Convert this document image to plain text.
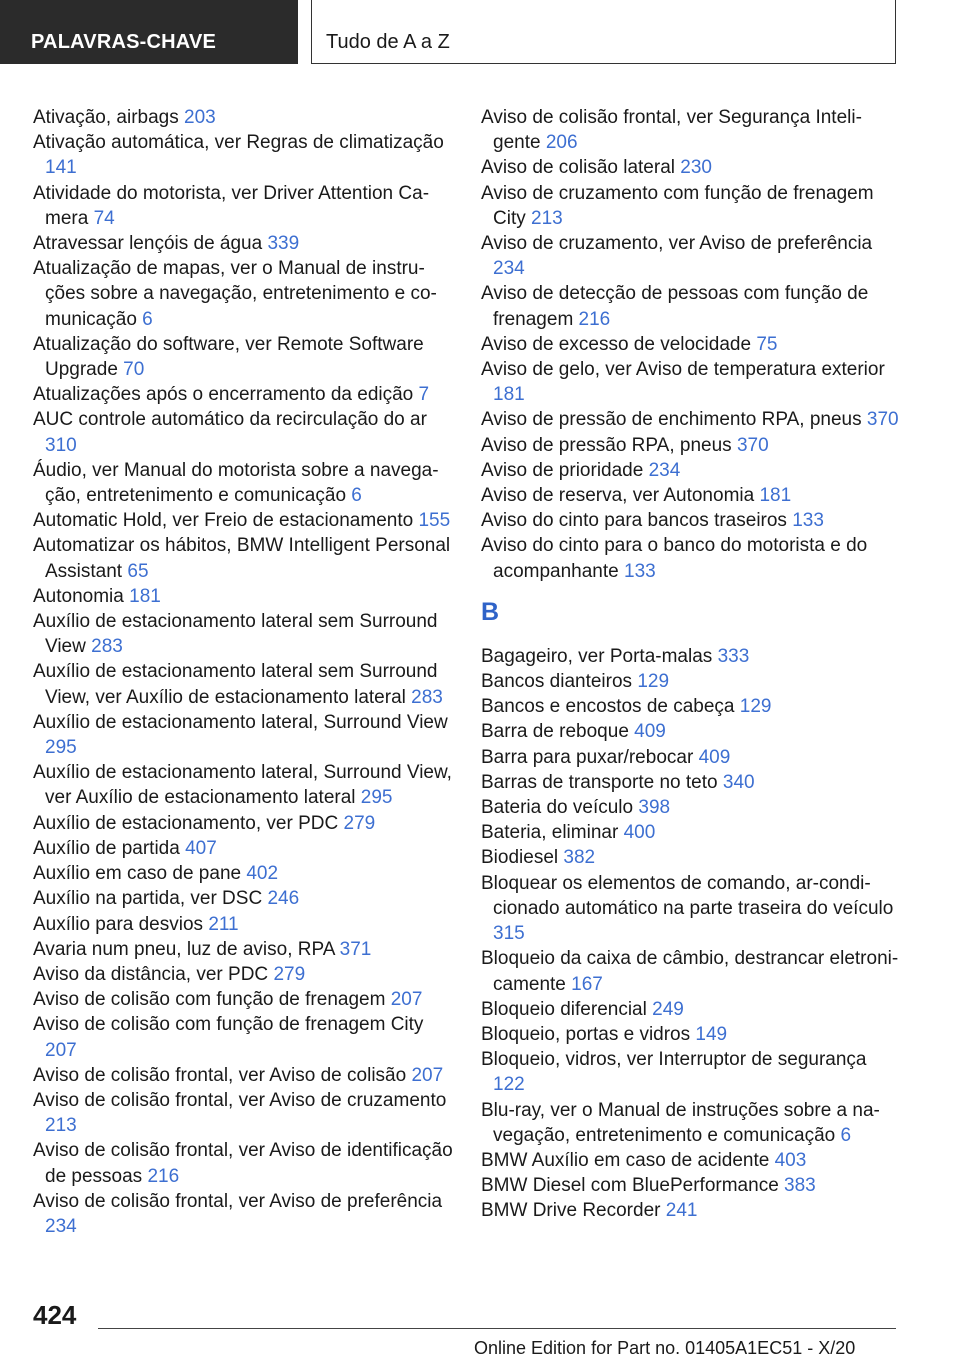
PALAVRAS-CHAVE	Tudo de A a Z

Ativação, airbags 203

Ativação automática, ver Regras de climatização 141

Atividade do motorista, ver Driver Attention Camera 74

Atravessar lençóis de água 339

Atualização de mapas, ver o Manual de instruções sobre a navegação, entretenimento e comunicação 6

Atualização do software, ver Remote Software Upgrade 70

Atualizações após o encerramento da edição 7

AUC controle automático da recirculação do ar 310

Áudio, ver Manual do motorista sobre a navegação, entretenimento e comunicação 6

Automatic Hold, ver Freio de estacionamento 155

Automatizar os hábitos, BMW Intelligent Personal Assistant 65

Autonomia 181

Auxílio de estacionamento lateral sem Surround View 283

Auxílio de estacionamento lateral sem Surround View, ver Auxílio de estacionamento lateral 283

Auxílio de estacionamento lateral, Surround View 295

Auxílio de estacionamento lateral, Surround View, ver Auxílio de estacionamento lateral 295

Auxílio de estacionamento, ver PDC 279

Auxílio de partida 407

Auxílio em caso de pane 402

Auxílio na partida, ver DSC 246

Auxílio para desvios 211

Avaria num pneu, luz de aviso, RPA 371

Aviso da distância, ver PDC 279

Aviso de colisão com função de frenagem 207

Aviso de colisão com função de frenagem City 207

Aviso de colisão frontal, ver Aviso de colisão 207

Aviso de colisão frontal, ver Aviso de cruzamento 213

Aviso de colisão frontal, ver Aviso de identificação de pessoas 216

Aviso de colisão frontal, ver Aviso de preferência 234

Aviso de colisão frontal, ver Segurança Inteligente 206

Aviso de colisão lateral 230

Aviso de cruzamento com função de frenagem City 213

Aviso de cruzamento, ver Aviso de preferência 234

Aviso de detecção de pessoas com função de frenagem 216

Aviso de excesso de velocidade 75

Aviso de gelo, ver Aviso de temperatura exterior 181

Aviso de pressão de enchimento RPA, pneus 370

Aviso de pressão RPA, pneus 370

Aviso de prioridade 234

Aviso de reserva, ver Autonomia 181

Aviso do cinto para bancos traseiros 133

Aviso do cinto para o banco do motorista e do acompanhante 133

B

Bagageiro, ver Porta-malas 333

Bancos dianteiros 129

Bancos e encostos de cabeça 129

Barra de reboque 409

Barra para puxar/rebocar 409

Barras de transporte no teto 340

Bateria do veículo 398

Bateria, eliminar 400

Biodiesel 382

Bloquear os elementos de comando, ar-condicionado automático na parte traseira do veículo 315

Bloqueio da caixa de câmbio, destrancar eletronicamente 167

Bloqueio diferencial 249

Bloqueio, portas e vidros 149

Bloqueio, vidros, ver Interruptor de segurança 122

Blu-ray, ver o Manual de instruções sobre a navegação, entretenimento e comunicação 6

BMW Auxílio em caso de acidente 403

BMW Diesel com BluePerformance 383

BMW Drive Recorder 241

424
Online Edition for Part no. 01405A1EC51 - X/20
